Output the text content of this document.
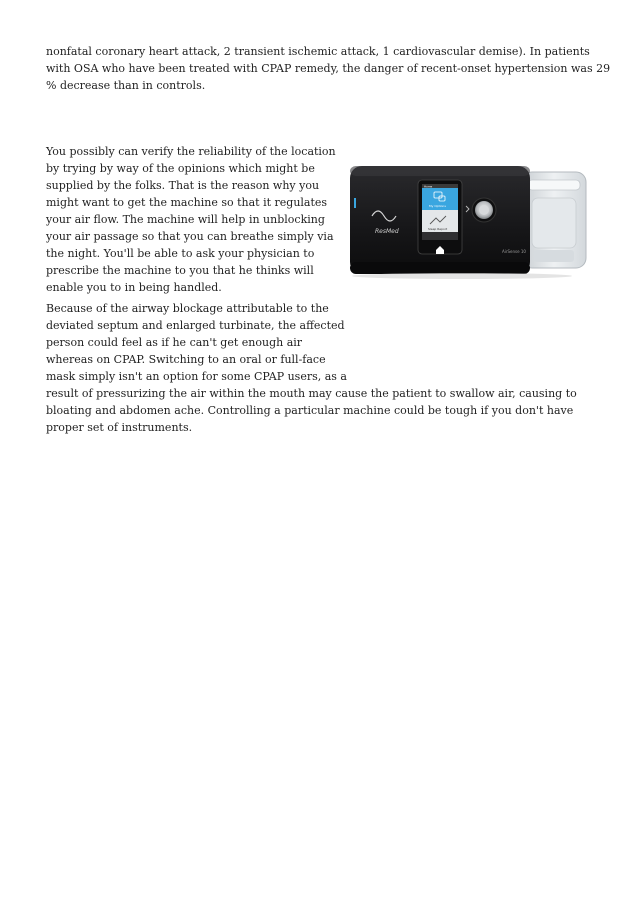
nonfatal coronary heart attack, 2 transient ischemic attack, 1 cardiovascular demise). In patients
with OSA who have been treated with CPAP remedy, the danger of recent-onset hypertension was 29
% decrease than in controls.

You possibly can verify the reliability of the location
by trying by way of the opinions which might be
supplied by the folks. That is the reason why you
might want to get the machine so that it regulates
your air flow. The machine will help in unblocking
your air passage so that you can breathe simply via
the night. You'll be able to ask your physician to
prescribe the machine to you that he thinks will
enable you to in being handled.

ResMed
Home
My Options
Sleep Report
AirSense 10

Because of the airway blockage attributable to the
deviated septum and enlarged turbinate, the affected
person could feel as if he can't get enough air
whereas on CPAP. Switching to an oral or full-face
mask simply isn't an option for some CPAP users, as a
result of pressurizing the air within the mouth may cause the patient to swallow air, causing to
bloating and abdomen ache. Controlling a particular machine could be tough if you don't have
proper set of instruments.
